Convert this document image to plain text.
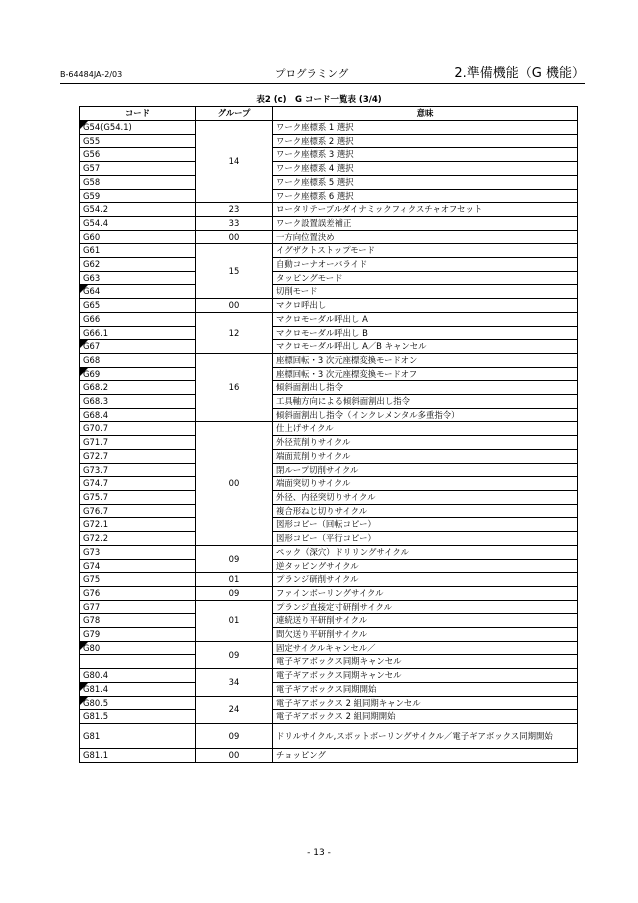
B-64484JA-2/03	プログラミング	2.準備機能（G 機能）
表2 (c)　G コード一覧表 (3/4)
コード	グループ	意味

G54(G54.1)	14	ワーク座標系 1 選択
G55		ワーク座標系 2 選択
G56		ワーク座標系 3 選択
G57		ワーク座標系 4 選択
G58		ワーク座標系 5 選択
G59		ワーク座標系 6 選択
G54.2	23	ロータリテーブルダイナミックフィクスチャオフセット
G54.4	33	ワーク設置誤差補正
G60	00	一方向位置決め
G61	15	イグザクトストップモード
G62		自動コーナオーバライド
G63		タッピングモード

G64		切削モード
G65	00	マクロ呼出し
G66	12	マクロモーダル呼出し A
G66.1		マクロモーダル呼出し B

G67		マクロモーダル呼出し A／B キャンセル
G68	16	座標回転・3 次元座標変換モードオン

G69		座標回転・3 次元座標変換モードオフ
G68.2		傾斜面割出し指令
G68.3		工具軸方向による傾斜面割出し指令
G68.4		傾斜面割出し指令（インクレメンタル多重指令）
G70.7	00	仕上げサイクル
G71.7		外径荒削りサイクル
G72.7		端面荒削りサイクル
G73.7		閉ループ切削サイクル
G74.7		端面突切りサイクル
G75.7		外径、内径突切りサイクル
G76.7		複合形ねじ切りサイクル
G72.1		図形コピー（回転コピー）
G72.2		図形コピー（平行コピー）
G73	09	ペック（深穴）ドリリングサイクル
G74		逆タッピングサイクル
G75	01	プランジ研削サイクル
G76	09	ファインボーリングサイクル
G77	01	プランジ直接定寸研削サイクル
G78		連続送り平研削サイクル
G79		間欠送り平研削サイクル

G80	09	固定サイクルキャンセル／
		電子ギアボックス同期キャンセル
G80.4	34	電子ギアボックス同期キャンセル

G81.4		電子ギアボックス同期開始

G80.5	24	電子ギアボックス 2 組同期キャンセル
G81.5		電子ギアボックス 2 組同期開始
G81	09	ドリルサイクル,スポットボーリングサイクル／電子ギアボックス同期開始
G81.1	00	チョッピング
- 13 -
